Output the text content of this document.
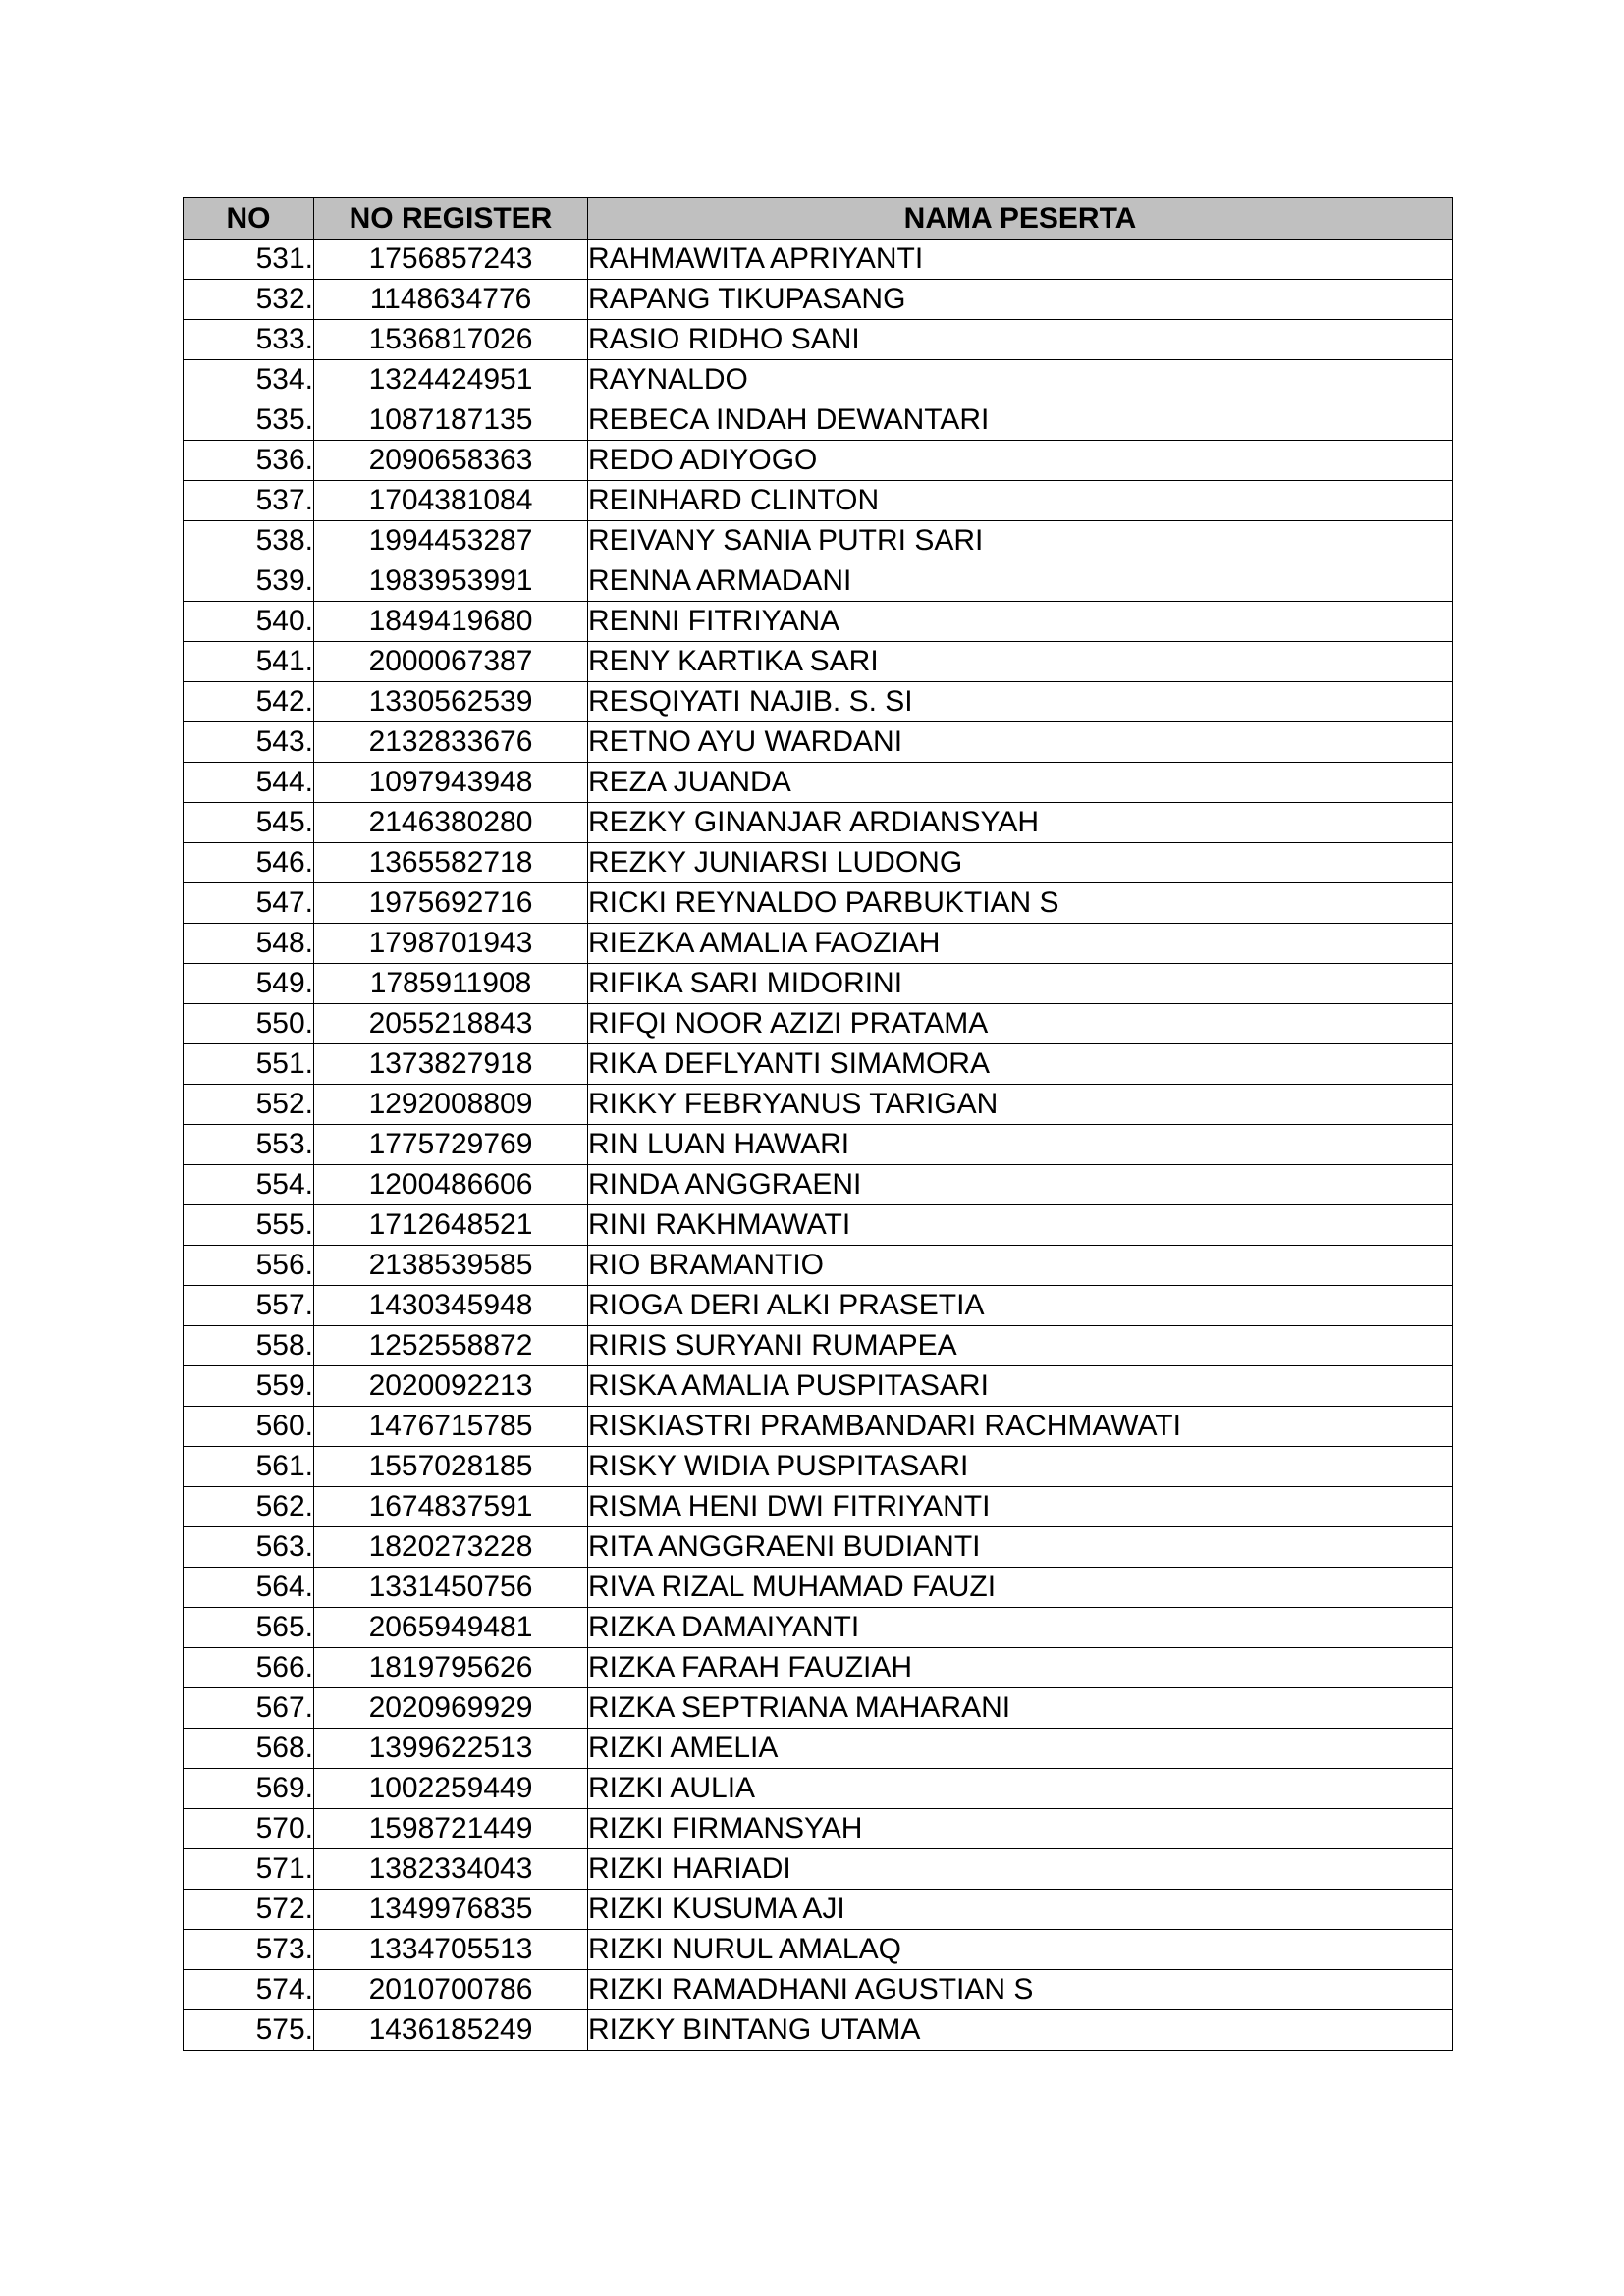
NO	NO REGISTER	NAMA PESERTA
531.	1756857243	RAHMAWITA APRIYANTI
532.	1148634776	RAPANG TIKUPASANG
533.	1536817026	RASIO RIDHO SANI
534.	1324424951	RAYNALDO
535.	1087187135	REBECA INDAH DEWANTARI
536.	2090658363	REDO ADIYOGO
537.	1704381084	REINHARD CLINTON
538.	1994453287	REIVANY SANIA PUTRI SARI
539.	1983953991	RENNA ARMADANI
540.	1849419680	RENNI FITRIYANA
541.	2000067387	RENY KARTIKA SARI
542.	1330562539	RESQIYATI NAJIB. S. SI
543.	2132833676	RETNO AYU WARDANI
544.	1097943948	REZA JUANDA
545.	2146380280	REZKY GINANJAR ARDIANSYAH
546.	1365582718	REZKY JUNIARSI LUDONG
547.	1975692716	RICKI REYNALDO PARBUKTIAN S
548.	1798701943	RIEZKA AMALIA FAOZIAH
549.	1785911908	RIFIKA SARI MIDORINI
550.	2055218843	RIFQI NOOR AZIZI PRATAMA
551.	1373827918	RIKA DEFLYANTI SIMAMORA
552.	1292008809	RIKKY FEBRYANUS TARIGAN
553.	1775729769	RIN LUAN HAWARI
554.	1200486606	RINDA ANGGRAENI
555.	1712648521	RINI RAKHMAWATI
556.	2138539585	RIO BRAMANTIO
557.	1430345948	RIOGA DERI ALKI PRASETIA
558.	1252558872	RIRIS SURYANI RUMAPEA
559.	2020092213	RISKA AMALIA PUSPITASARI
560.	1476715785	RISKIASTRI PRAMBANDARI RACHMAWATI
561.	1557028185	RISKY WIDIA PUSPITASARI
562.	1674837591	RISMA HENI DWI FITRIYANTI
563.	1820273228	RITA ANGGRAENI BUDIANTI
564.	1331450756	RIVA RIZAL MUHAMAD FAUZI
565.	2065949481	RIZKA DAMAIYANTI
566.	1819795626	RIZKA FARAH FAUZIAH
567.	2020969929	RIZKA SEPTRIANA MAHARANI
568.	1399622513	RIZKI AMELIA
569.	1002259449	RIZKI AULIA
570.	1598721449	RIZKI FIRMANSYAH
571.	1382334043	RIZKI HARIADI
572.	1349976835	RIZKI KUSUMA AJI
573.	1334705513	RIZKI NURUL AMALAQ
574.	2010700786	RIZKI RAMADHANI AGUSTIAN S
575.	1436185249	RIZKY BINTANG UTAMA
